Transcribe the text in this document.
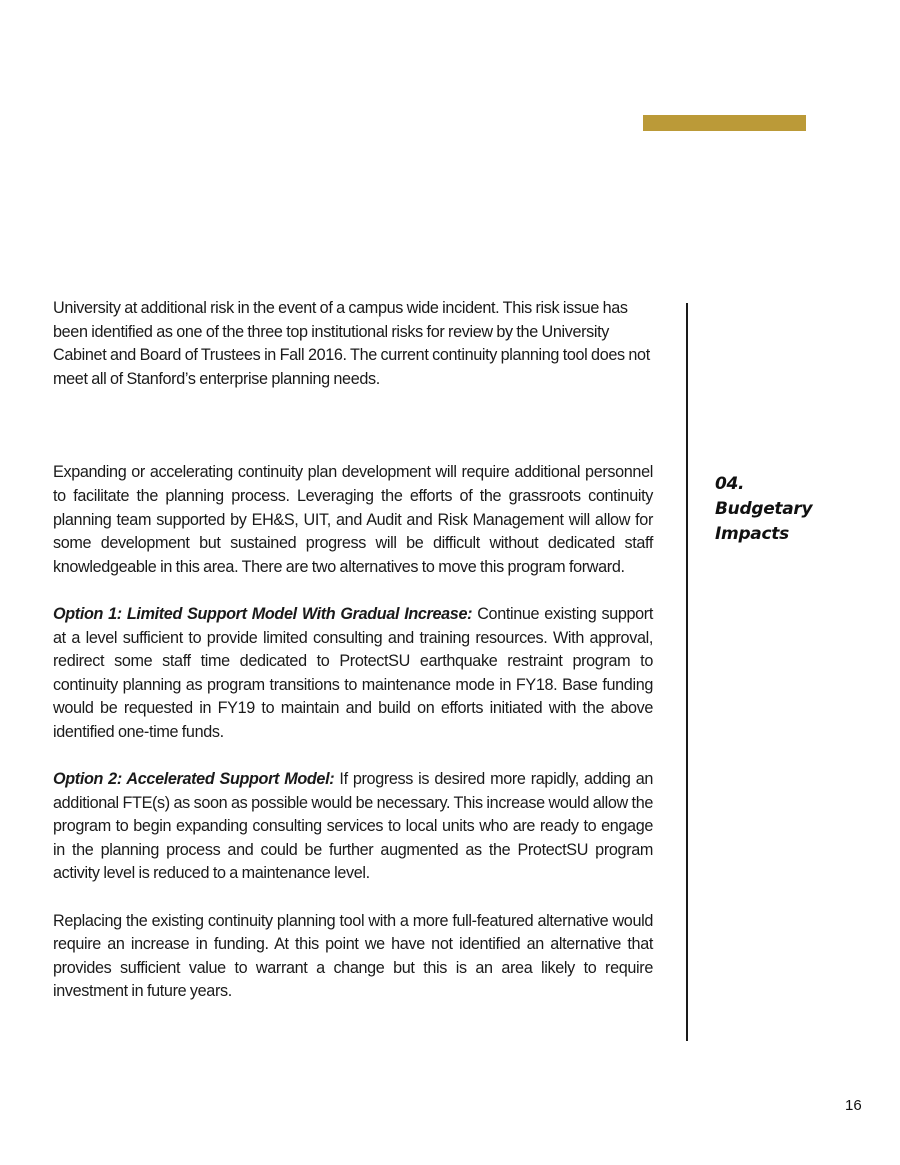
University at additional risk in the event of a campus wide incident. This risk issue has been identified as one of the three top institutional risks for review by the University Cabinet and Board of Trustees in Fall 2016. The current continuity planning tool does not meet all of Stanford’s enterprise planning needs.

Expanding or accelerating continuity plan development will require additional personnel to facilitate the planning process. Leveraging the efforts of the grassroots continuity planning team supported by EH&S, UIT, and Audit and Risk Management will allow for some development but sustained progress will be difficult without dedicated staff knowledgeable in this area. There are two alternatives to move this program forward.

Option 1: Limited Support Model With Gradual Increase: Continue existing support at a level sufficient to provide limited consulting and training resources. With approval, redirect some staff time dedicated to ProtectSU earthquake restraint program to continuity planning as program transitions to maintenance mode in FY18. Base funding would be requested in FY19 to maintain and build on efforts initiated with the above identified one-time funds.

Option 2: Accelerated Support Model: If progress is desired more rapidly, adding an additional FTE(s) as soon as possible would be necessary. This increase would allow the program to begin expanding consulting services to local units who are ready to engage in the planning process and could be further augmented as the ProtectSU program activity level is reduced to a maintenance level.

Replacing the existing continuity planning tool with a more full-featured alternative would require an increase in funding. At this point we have not identified an alternative that provides sufficient value to warrant a change but this is an area likely to require investment in future years.

04.
Budgetary
Impacts
16
